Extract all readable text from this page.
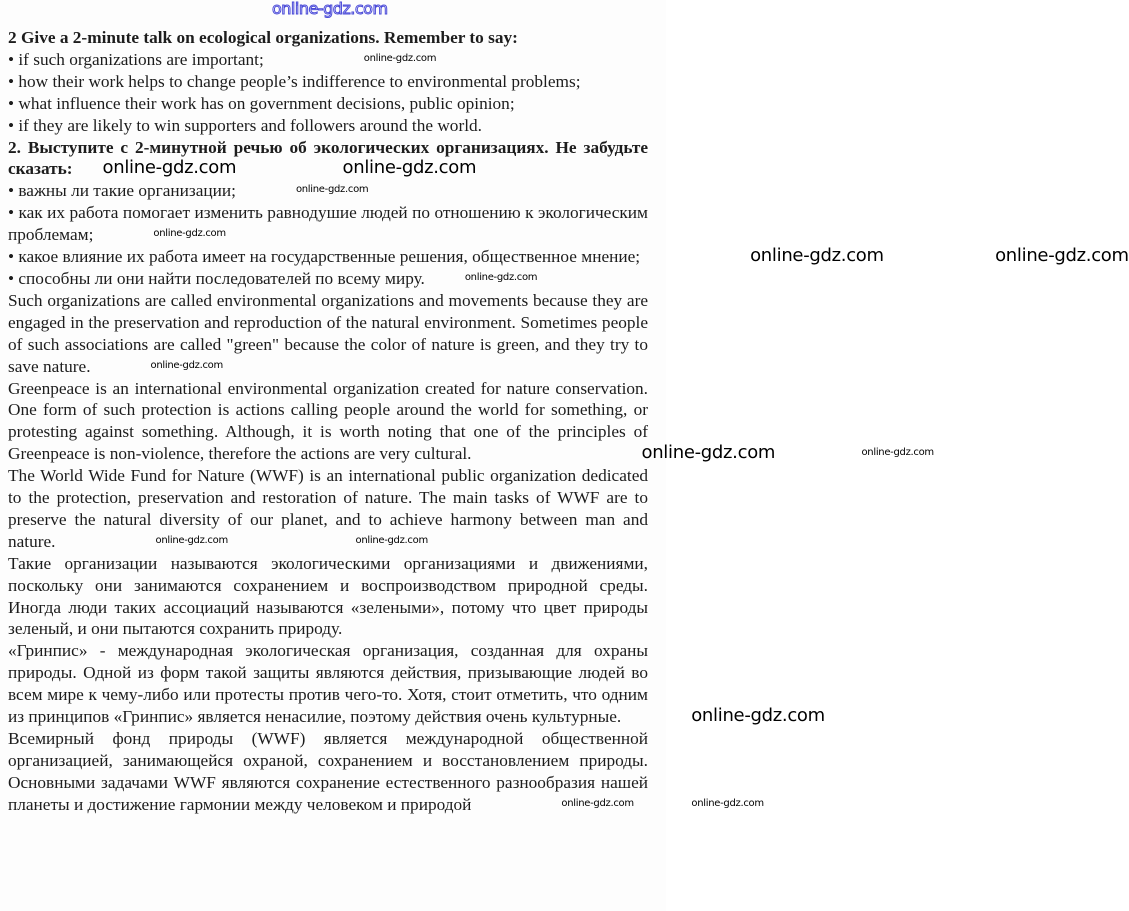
online-gdz.com

2 Give a 2-minute talk on ecological organizations. Remember to say:

• if such organizations are important;	online-gdz.com

• how their work helps to change people’s indifference to environmental problems;

• what influence their work has on government decisions, public opinion;

• if they are likely to win supporters and followers around the world.

2. Выступите с 2-минутной речью об экологических организациях. Не забудьте сказать: online-gdz.com	online-gdz.com

• важны ли такие организации;	online-gdz.com

• как их работа помогает изменить равнодушие людей по отношению к экологическим проблемам;	online-gdz.com

• какое влияние их работа имеет на государственные решения, общественное мнение;	online-gdz.com	online-gdz.com

• способны ли они найти последователей по всему миру.	online-gdz.com

Such organizations are called environmental organizations and movements because they are engaged in the preservation and reproduction of the natural environment. Sometimes people of such associations are called "green" because the color of nature is green, and they try to save nature.	online-gdz.com

Greenpeace is an international environmental organization created for nature conservation. One form of such protection is actions calling people around the world for something, or protesting against something. Although, it is worth noting that one of the principles of Greenpeace is non-violence, therefore the actions are very cultural.	online-gdz.com	online-gdz.com

The World Wide Fund for Nature (WWF) is an international public organization dedicated to the protection, preservation and restoration of nature. The main tasks of WWF are to preserve the natural diversity of our planet, and to achieve harmony between man and nature.	online-gdz.com	online-gdz.com

Такие организации называются экологическими организациями и движениями, поскольку они занимаются сохранением и воспроизводством природной среды. Иногда люди таких ассоциаций называются «зелеными», потому что цвет природы зеленый, и они пытаются сохранить природу.

«Гринпис» - международная экологическая организация, созданная для охраны природы. Одной из форм такой защиты являются действия, призывающие людей во всем мире к чему-либо или протесты против чего-то. Хотя, стоит отметить, что одним из принципов «Гринпис» является ненасилие, поэтому действия очень культурные.	online-gdz.com

Всемирный фонд природы (WWF) является международной общественной организацией, занимающейся охраной, сохранением и восстановлением природы. Основными задачами WWF являются сохранение естественного разнообразия нашей планеты и достижение гармонии между человеком и природой	online-gdz.com	online-gdz.com
